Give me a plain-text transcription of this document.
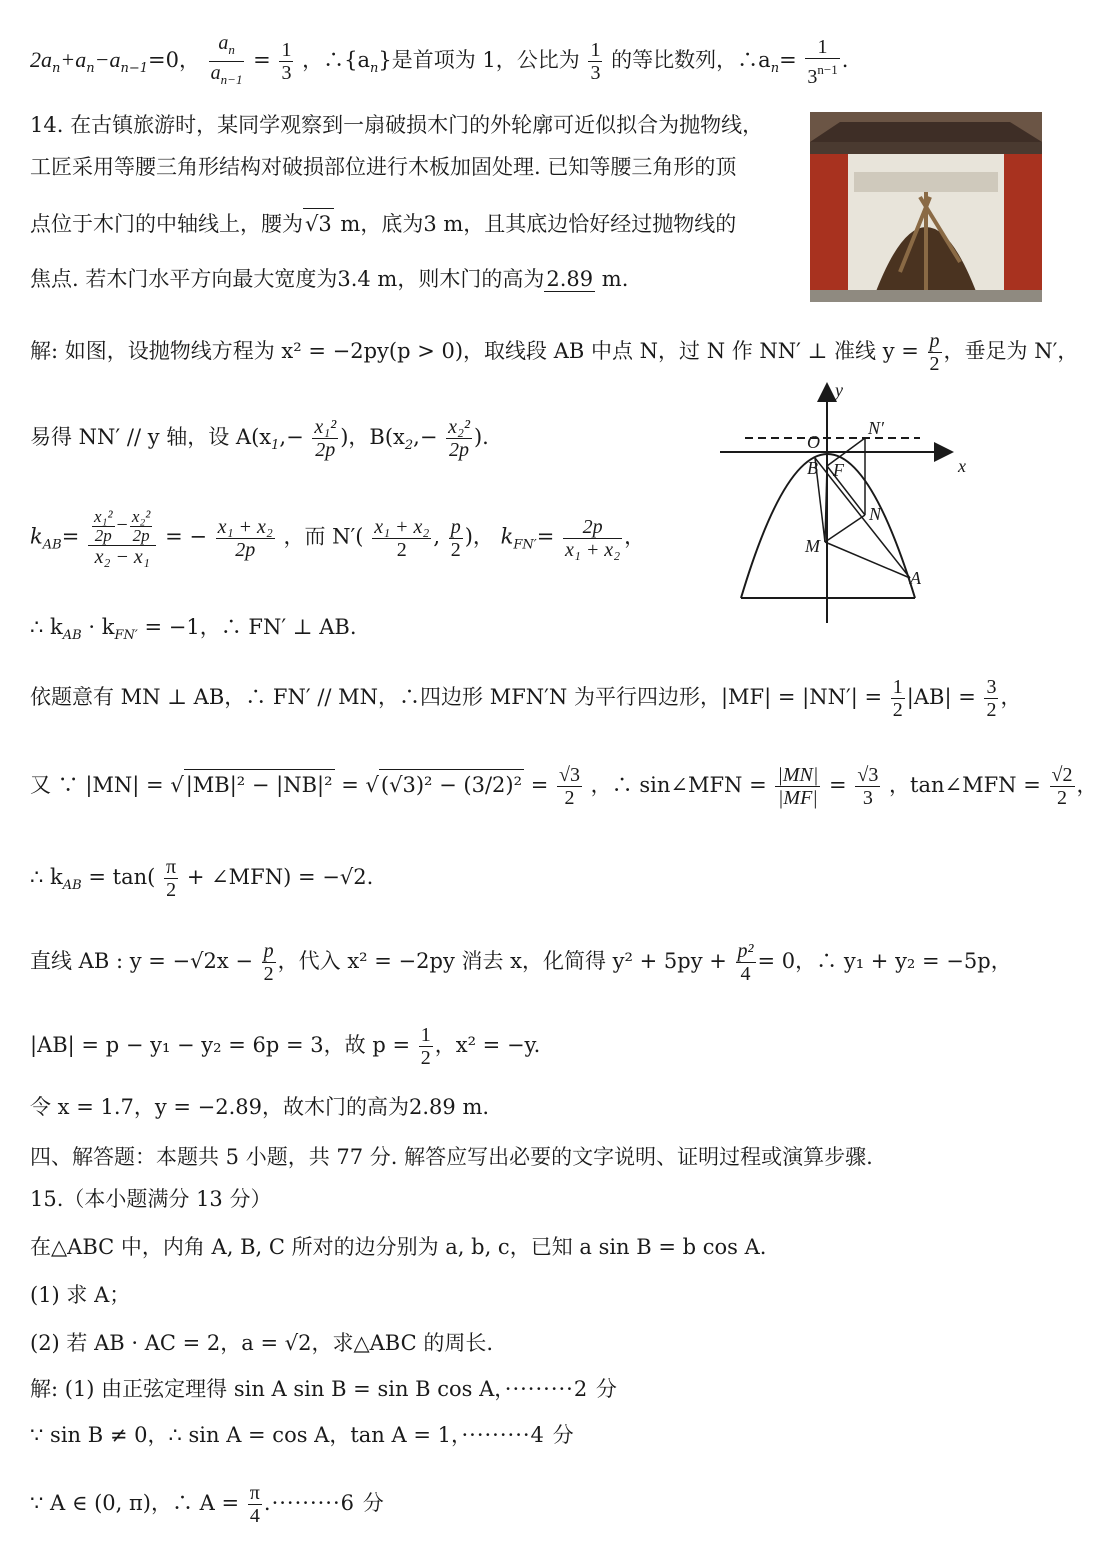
$2a_n+a_n-a_{n-1}=0$， $\frac{a_n}{a_{n-1}} = \frac{1}{3}$ ，$\therefore\{a_n\}$是首项为 1，公比为 $\frac{1}{3}$ 的等比数列，$\therefore a_n= \frac{1}{3^{n-1}}$ .
14. 在古镇旅游时，某同学观察到一扇破损木门的外轮廓可近似拟合为抛物线，
工匠采用等腰三角形结构对破损部位进行木板加固处理. 已知等腰三角形的顶
点位于木门的中轴线上，腰为√3 m，底为3 m，且其底边恰好经过抛物线的
焦点. 若木门水平方向最大宽度为3.4 m，则木门的高为2.89 m.
解: 如图，设抛物线方程为 x² = −2py(p > 0)，取线段 AB 中点 N，过 N 作 NN′ ⊥ 准线 $y = \frac{p}{2}$ ，垂足为 N′，
易得 NN′ // y 轴，设 $A(x_1,- \frac{\text{x₁²}}{2p}$ )，$B(x_2,- \frac{\text{x₂²}}{2p}$ ).
$k_{AB}= \frac{\frac{\text{x₁²}}{2p} - \frac{\text{x₂²}}{2p}}{\text{x₂ − x₁}}$ = − $\frac{\text{x₁ + x₂}}{2p}$ ，而 $N'( \frac{\text{x₁ + x₂}}{2}$ , $\frac{p}{2}$ )， $k_{FN'}= \frac{2p}{\text{x₁ + x₂}}$ ，
∴ $k_{AB} \cdot k_{FN'} = -1$，∴ FN′ ⊥ AB.
依题意有 MN ⊥ AB，∴ FN′ // MN，∴四边形 MFN′N 为平行四边形，$|MF| = |NN'| = \frac{1}{2} |AB| = \frac{3}{2}$ ，
又 ∵ $|MN| = √|MB|^2 - |NB|^2 = √(√3)^2 - (3/2)^2 = \frac{√3}{2}$ ，∴ sin∠MFN = $\frac{|MN|}{|MF|} = \frac{√3}{3}$ ，tan∠MFN = $\frac{√2}{2}$ ，
∴ $k_{AB} = \tan( \frac{\pi}{2}$ + ∠MFN) = −√2.
直线 AB : $y = -√2x - \frac{p}{2}$ ，代入 x² = −2py 消去 x，化简得 $y^2 + 5py + \frac{\text{p²}}{4} = 0$，∴ y₁ + y₂ = −5p，
|AB| = p − y₁ − y₂ = 6p = 3，故 $p = \frac{1}{2}$ ，x² = −y.
令 x = 1.7，y = −2.89，故木门的高为2.89 m.
y
x
O
N′
B F
N
M
A
四、解答题：本题共 5 小题，共 77 分. 解答应写出必要的文字说明、证明过程或演算步骤.
15.（本小题满分 13 分）
在△ABC 中，内角 A, B, C 所对的边分别为 a, b, c，已知 a sin B = b cos A.
(1) 求 A；
(2) 若 AB · AC = 2，a = √2，求△ABC 的周长.
解: (1) 由正弦定理得 sin A sin B = sin B cos A，·········2 分
∵ sin B ≠ 0，∴ sin A = cos A，tan A = 1，·········4 分
∵ A ∈ (0, π)，∴ $A = \frac{\pi}{4} .\cdot\cdot\cdot\cdot\cdot\cdot\cdot\cdot\cdot 6$ 分
